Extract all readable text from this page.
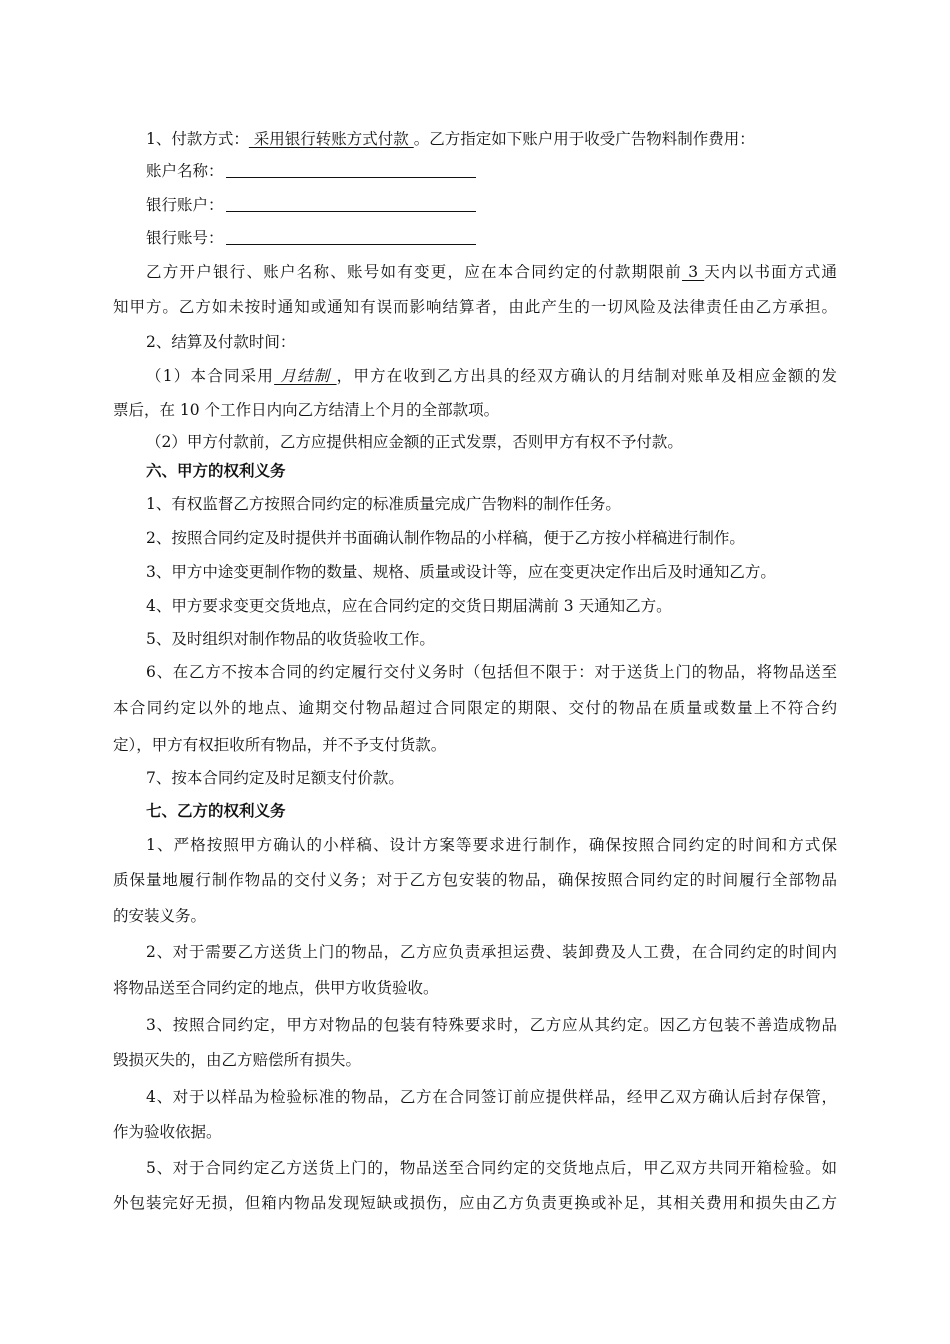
1、付款方式： 采用银行转账方式付款 。乙方指定如下账户用于收受广告物料制作费用：
账户名称：
银行账户：
银行账号：
乙方开户银行、账户名称、账号如有变更，应在本合同约定的付款期限前 3 天内以书面方式通
知甲方。乙方如未按时通知或通知有误而影响结算者，由此产生的一切风险及法律责任由乙方承担。
2、结算及付款时间：
（1）本合同采用 月结制 ，甲方在收到乙方出具的经双方确认的月结制对账单及相应金额的发
票后，在 10 个工作日内向乙方结清上个月的全部款项。
（2）甲方付款前，乙方应提供相应金额的正式发票，否则甲方有权不予付款。
六、甲方的权利义务
1、有权监督乙方按照合同约定的标准质量完成广告物料的制作任务。
2、按照合同约定及时提供并书面确认制作物品的小样稿，便于乙方按小样稿进行制作。
3、甲方中途变更制作物的数量、规格、质量或设计等，应在变更决定作出后及时通知乙方。
4、甲方要求变更交货地点，应在合同约定的交货日期届满前 3 天通知乙方。
5、及时组织对制作物品的收货验收工作。
6、在乙方不按本合同的约定履行交付义务时（包括但不限于：对于送货上门的物品，将物品送至
本合同约定以外的地点、逾期交付物品超过合同限定的期限、交付的物品在质量或数量上不符合约
定），甲方有权拒收所有物品，并不予支付货款。
7、按本合同约定及时足额支付价款。
七、乙方的权利义务
1、严格按照甲方确认的小样稿、设计方案等要求进行制作，确保按照合同约定的时间和方式保
质保量地履行制作物品的交付义务；对于乙方包安装的物品，确保按照合同约定的时间履行全部物品
的安装义务。
2、对于需要乙方送货上门的物品，乙方应负责承担运费、装卸费及人工费，在合同约定的时间内
将物品送至合同约定的地点，供甲方收货验收。
3、按照合同约定，甲方对物品的包装有特殊要求时，乙方应从其约定。因乙方包装不善造成物品
毁损灭失的，由乙方赔偿所有损失。
4、对于以样品为检验标准的物品，乙方在合同签订前应提供样品，经甲乙双方确认后封存保管，
作为验收依据。
5、对于合同约定乙方送货上门的，物品送至合同约定的交货地点后，甲乙双方共同开箱检验。如
外包装完好无损，但箱内物品发现短缺或损伤，应由乙方负责更换或补足，其相关费用和损失由乙方
